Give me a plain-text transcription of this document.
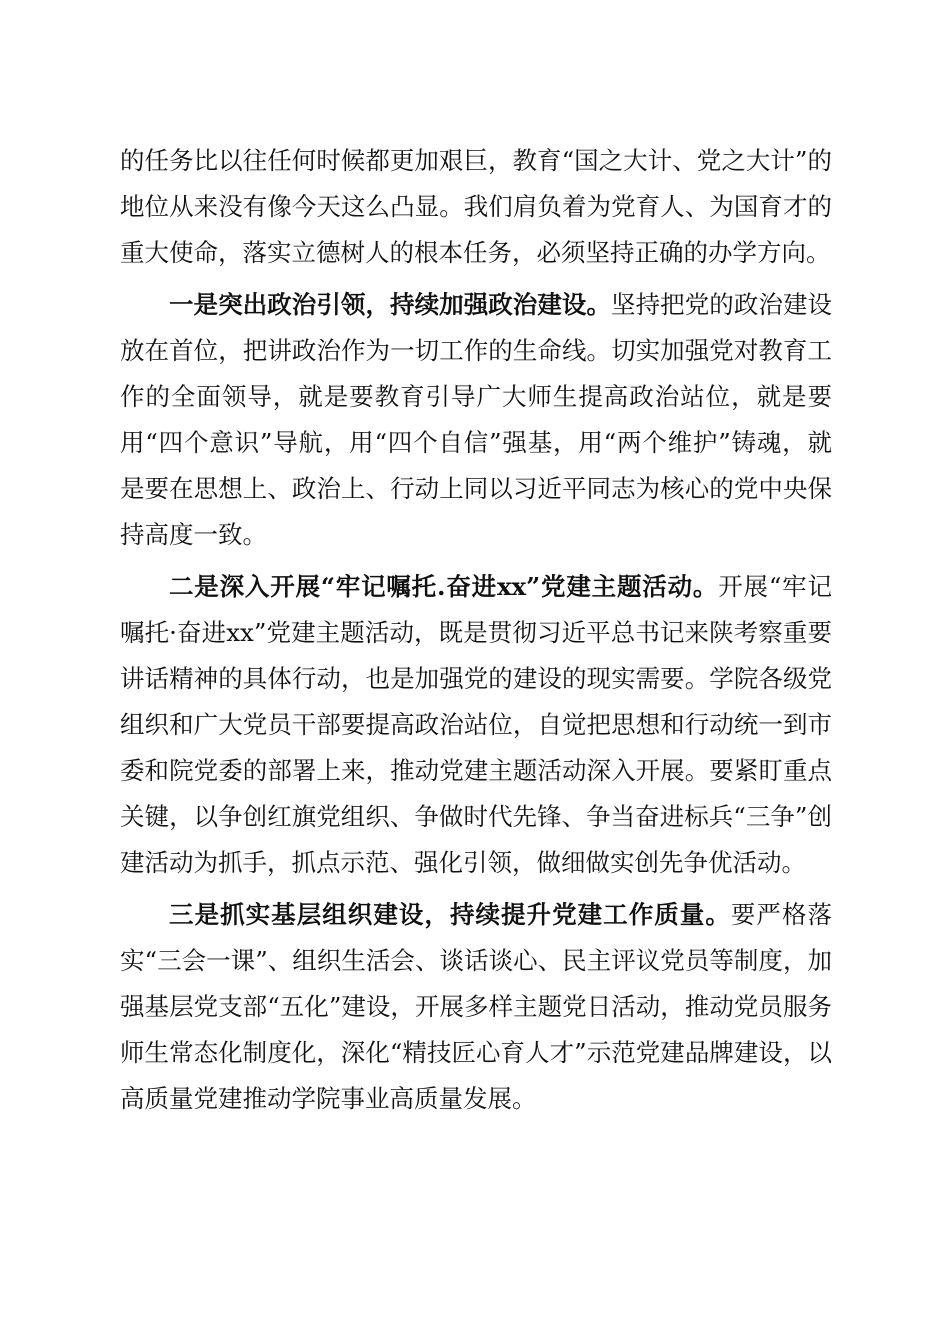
的任务比以往任何时候都更加艰巨，教育“国之大计、党之大计”的地位从来没有像今天这么凸显。我们肩负着为党育人、为国育才的重大使命，落实立德树人的根本任务，必须坚持正确的办学方向。

一是突出政治引领，持续加强政治建设。坚持把党的政治建设放在首位，把讲政治作为一切工作的生命线。切实加强党对教育工作的全面领导，就是要教育引导广大师生提高政治站位，就是要用“四个意识”导航，用“四个自信”强基，用“两个维护”铸魂，就是要在思想上、政治上、行动上同以习近平同志为核心的党中央保持高度一致。

二是深入开展“牢记嘱托.奋进xx”党建主题活动。开展“牢记嘱托·奋进xx”党建主题活动，既是贯彻习近平总书记来陕考察重要讲话精神的具体行动，也是加强党的建设的现实需要。学院各级党组织和广大党员干部要提高政治站位，自觉把思想和行动统一到市委和院党委的部署上来，推动党建主题活动深入开展。要紧盯重点关键，以争创红旗党组织、争做时代先锋、争当奋进标兵“三争”创建活动为抓手，抓点示范、强化引领，做细做实创先争优活动。

三是抓实基层组织建设，持续提升党建工作质量。要严格落实“三会一课”、组织生活会、谈话谈心、民主评议党员等制度，加强基层党支部“五化”建设，开展多样主题党日活动，推动党员服务师生常态化制度化，深化“精技匠心育人才”示范党建品牌建设，以高质量党建推动学院事业高质量发展。
